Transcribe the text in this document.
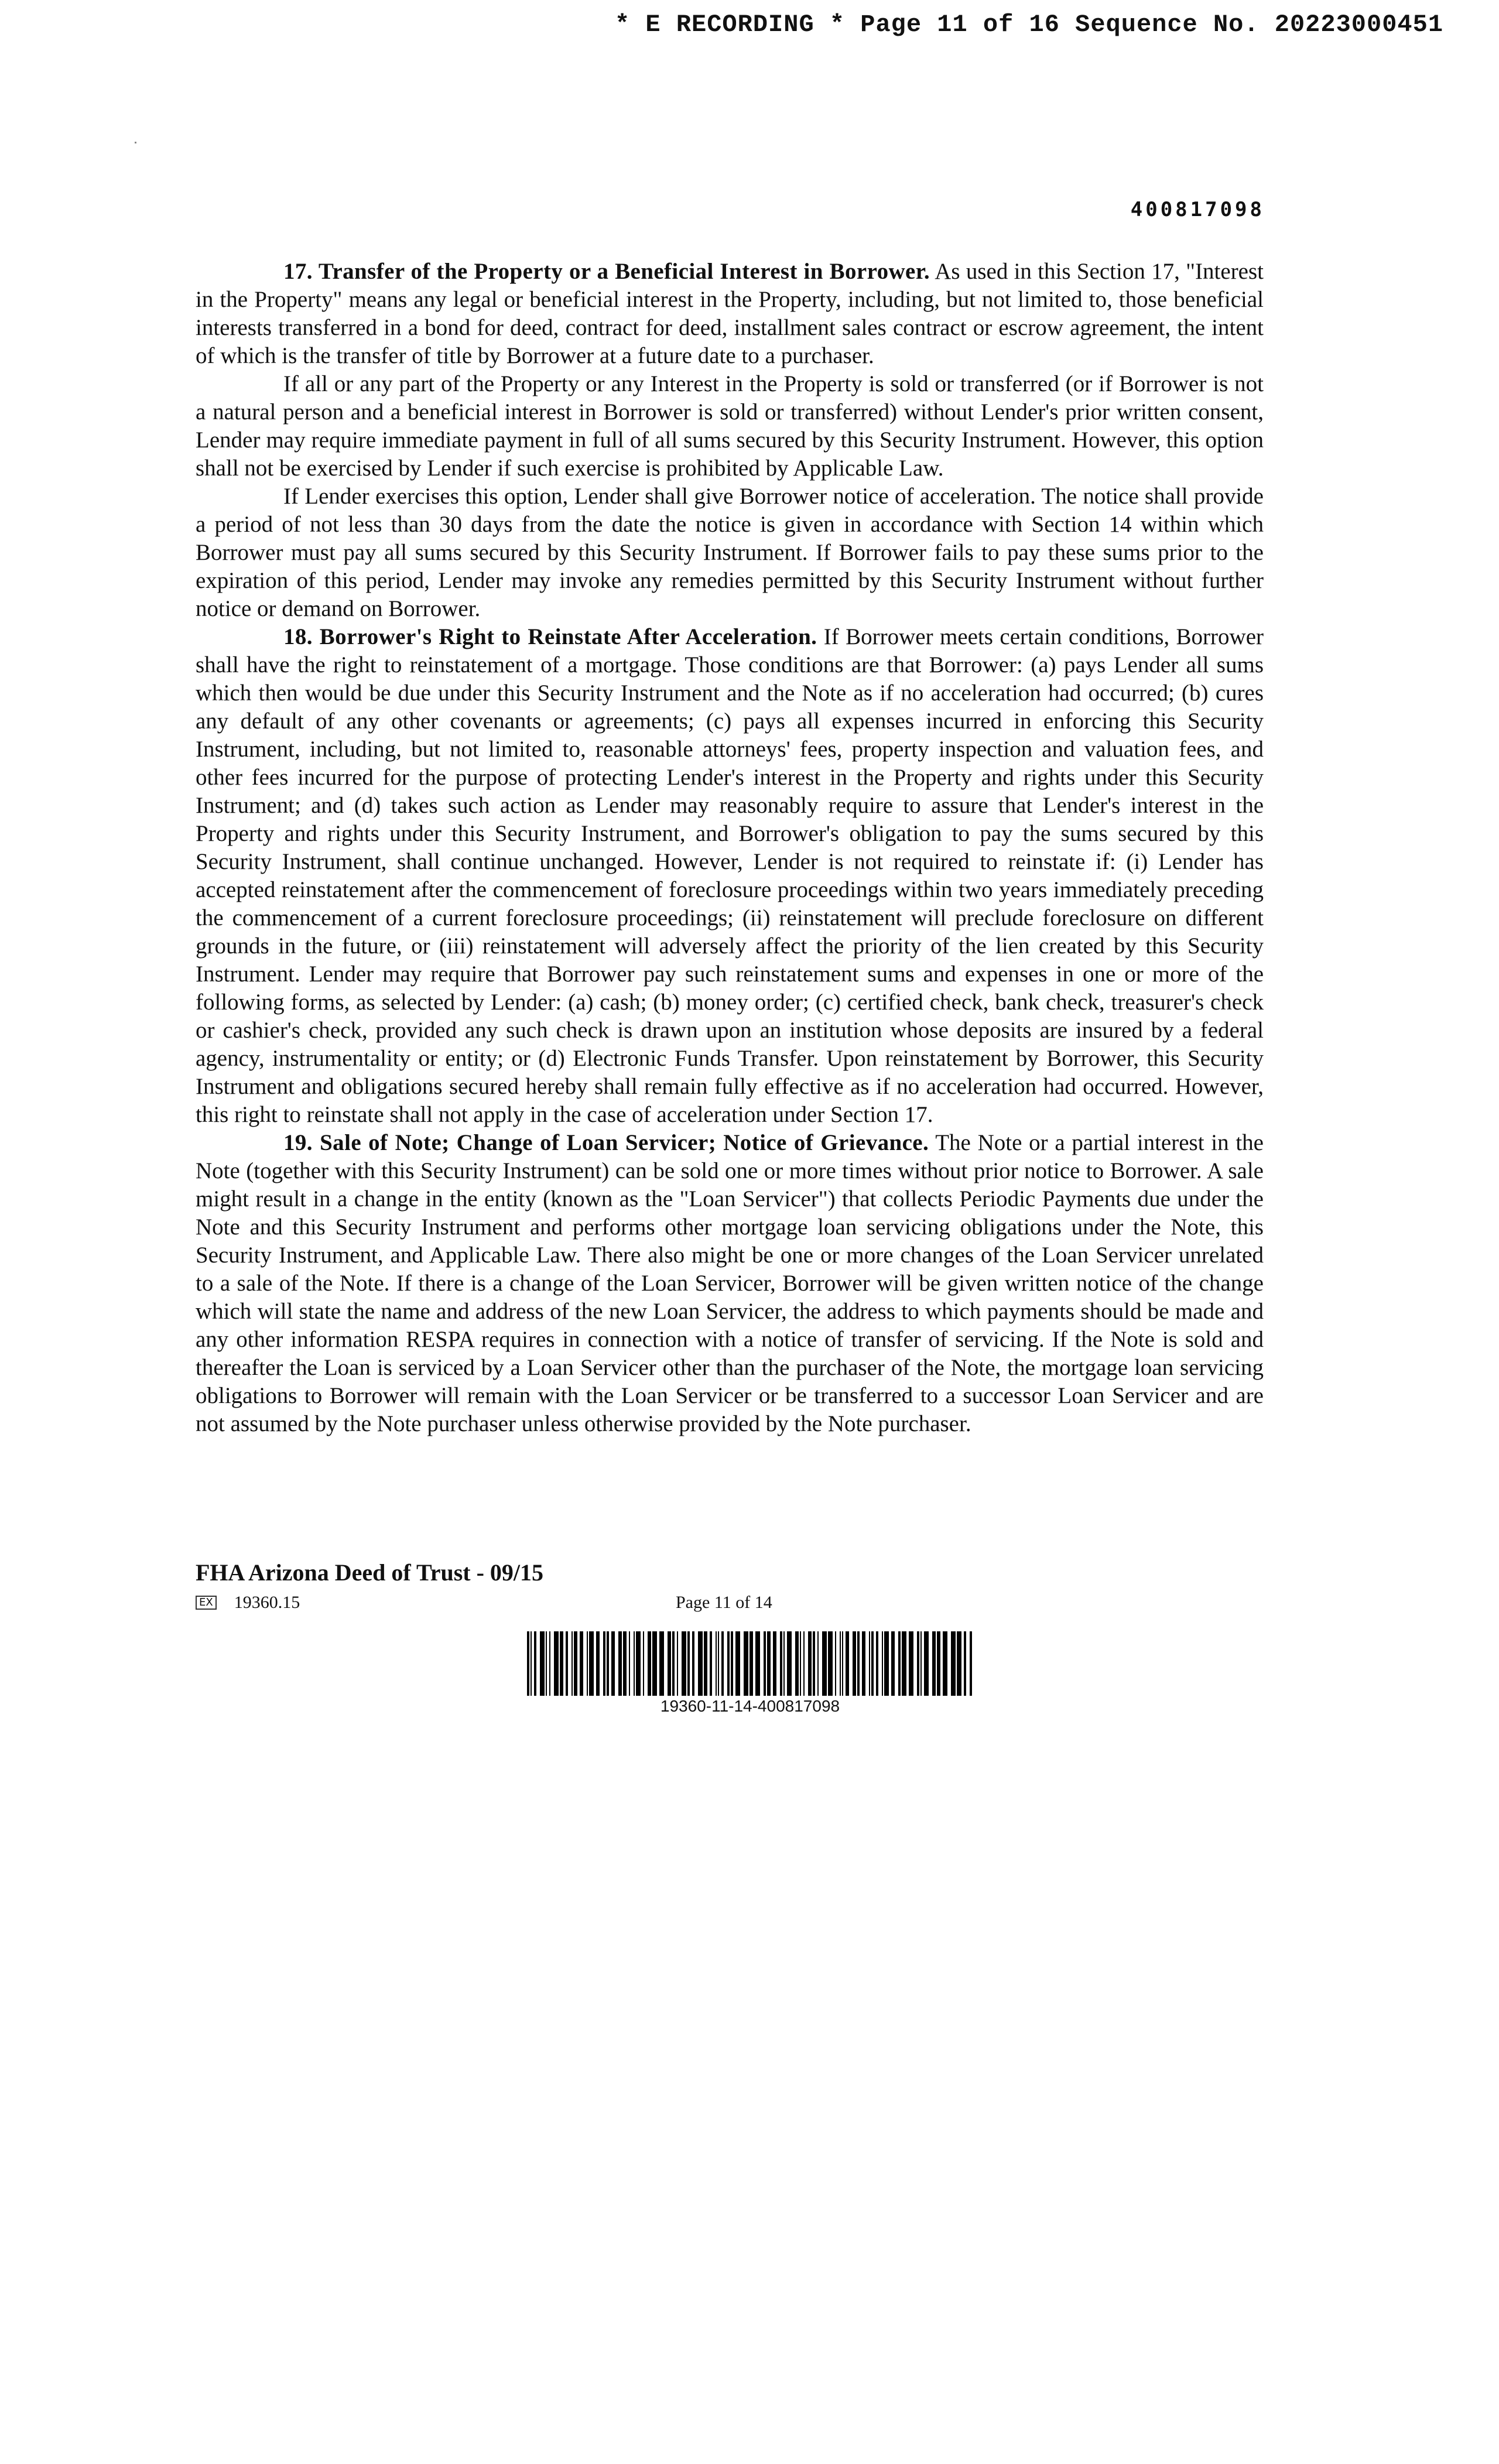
* E RECORDING * Page 11 of 16 Sequence No. 20223000451
400817098

17. Transfer of the Property or a Beneficial Interest in Borrower. As used in this Section 17, "Interest in the Property" means any legal or beneficial interest in the Property, including, but not limited to, those beneficial interests transferred in a bond for deed, contract for deed, installment sales contract or escrow agreement, the intent of which is the transfer of title by Borrower at a future date to a purchaser.

If all or any part of the Property or any Interest in the Property is sold or transferred (or if Borrower is not a natural person and a beneficial interest in Borrower is sold or transferred) without Lender's prior written consent, Lender may require immediate payment in full of all sums secured by this Security Instrument. However, this option shall not be exercised by Lender if such exercise is prohibited by Applicable Law.

If Lender exercises this option, Lender shall give Borrower notice of acceleration. The notice shall provide a period of not less than 30 days from the date the notice is given in accordance with Section 14 within which Borrower must pay all sums secured by this Security Instrument. If Borrower fails to pay these sums prior to the expiration of this period, Lender may invoke any remedies permitted by this Security Instrument without further notice or demand on Borrower.

18. Borrower's Right to Reinstate After Acceleration. If Borrower meets certain conditions, Borrower shall have the right to reinstatement of a mortgage. Those conditions are that Borrower: (a) pays Lender all sums which then would be due under this Security Instrument and the Note as if no acceleration had occurred; (b) cures any default of any other covenants or agreements; (c) pays all expenses incurred in enforcing this Security Instrument, including, but not limited to, reasonable attorneys' fees, property inspection and valuation fees, and other fees incurred for the purpose of protecting Lender's interest in the Property and rights under this Security Instrument; and (d) takes such action as Lender may reasonably require to assure that Lender's interest in the Property and rights under this Security Instrument, and Borrower's obligation to pay the sums secured by this Security Instrument, shall continue unchanged. However, Lender is not required to reinstate if: (i) Lender has accepted reinstatement after the commencement of foreclosure proceedings within two years immediately preceding the commencement of a current foreclosure proceedings; (ii) reinstatement will preclude foreclosure on different grounds in the future, or (iii) reinstatement will adversely affect the priority of the lien created by this Security Instrument. Lender may require that Borrower pay such reinstatement sums and expenses in one or more of the following forms, as selected by Lender: (a) cash; (b) money order; (c) certified check, bank check, treasurer's check or cashier's check, provided any such check is drawn upon an institution whose deposits are insured by a federal agency, instrumentality or entity; or (d) Electronic Funds Transfer. Upon reinstatement by Borrower, this Security Instrument and obligations secured hereby shall remain fully effective as if no acceleration had occurred. However, this right to reinstate shall not apply in the case of acceleration under Section 17.

19. Sale of Note; Change of Loan Servicer; Notice of Grievance. The Note or a partial interest in the Note (together with this Security Instrument) can be sold one or more times without prior notice to Borrower. A sale might result in a change in the entity (known as the "Loan Servicer") that collects Periodic Payments due under the Note and this Security Instrument and performs other mortgage loan servicing obligations under the Note, this Security Instrument, and Applicable Law. There also might be one or more changes of the Loan Servicer unrelated to a sale of the Note. If there is a change of the Loan Servicer, Borrower will be given written notice of the change which will state the name and address of the new Loan Servicer, the address to which payments should be made and any other information RESPA requires in connection with a notice of transfer of servicing. If the Note is sold and thereafter the Loan is serviced by a Loan Servicer other than the purchaser of the Note, the mortgage loan servicing obligations to Borrower will remain with the Loan Servicer or be transferred to a successor Loan Servicer and are not assumed by the Note purchaser unless otherwise provided by the Note purchaser.

FHA Arizona Deed of Trust - 09/15
EX 19360.15	Page 11 of 14
19360-11-14-400817098
